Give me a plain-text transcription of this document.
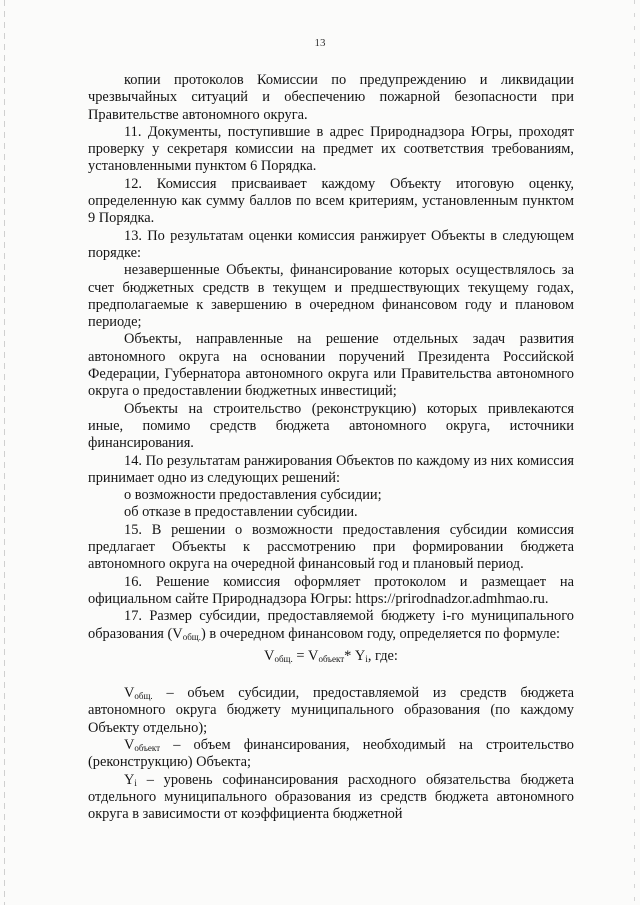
13

копии протоколов Комиссии по предупреждению и ликвидации чрезвычайных ситуаций и обеспечению пожарной безопасности при Правительстве автономного округа.

11. Документы, поступившие в адрес Природнадзора Югры, проходят проверку у секретаря комиссии на предмет их соответствия требованиям, установленными пунктом 6 Порядка.

12. Комиссия присваивает каждому Объекту итоговую оценку, определенную как сумму баллов по всем критериям, установленным пунктом 9 Порядка.

13. По результатам оценки комиссия ранжирует Объекты в следующем порядке:

незавершенные Объекты, финансирование которых осуществлялось за счет бюджетных средств в текущем и предшествующих текущему годах, предполагаемые к завершению в очередном финансовом году и плановом периоде;

Объекты, направленные на решение отдельных задач развития автономного округа на основании поручений Президента Российской Федерации, Губернатора автономного округа или Правительства автономного округа о предоставлении бюджетных инвестиций;

Объекты на строительство (реконструкцию) которых привлекаются иные, помимо средств бюджета автономного округа, источники финансирования.

14. По результатам ранжирования Объектов по каждому из них комиссия принимает одно из следующих решений:

о возможности предоставления субсидии;

об отказе в предоставлении субсидии.

15. В решении о возможности предоставления субсидии комиссия предлагает Объекты к рассмотрению при формировании бюджета автономного округа на очередной финансовый год и плановый период.

16. Решение комиссия оформляет протоколом и размещает на официальном сайте Природнадзора Югры: https://prirodnadzor.admhmao.ru.

17. Размер субсидии, предоставляемой бюджету i-го муниципального образования $(V_{общ.})$ в очередном финансовом году, определяется по формуле:

$V_{общ.} = V_{объект}*$ $Y_i$, где:

$V_{общ.}$ – объем субсидии, предоставляемой из средств бюджета автономного округа бюджету муниципального образования (по каждому Объекту отдельно);

$V_{объект}$ – объем финансирования, необходимый на строительство (реконструкцию) Объекта;

$Y_i$ – уровень софинансирования расходного обязательства бюджета отдельного муниципального образования из средств бюджета автономного округа в зависимости от коэффициента бюджетной
